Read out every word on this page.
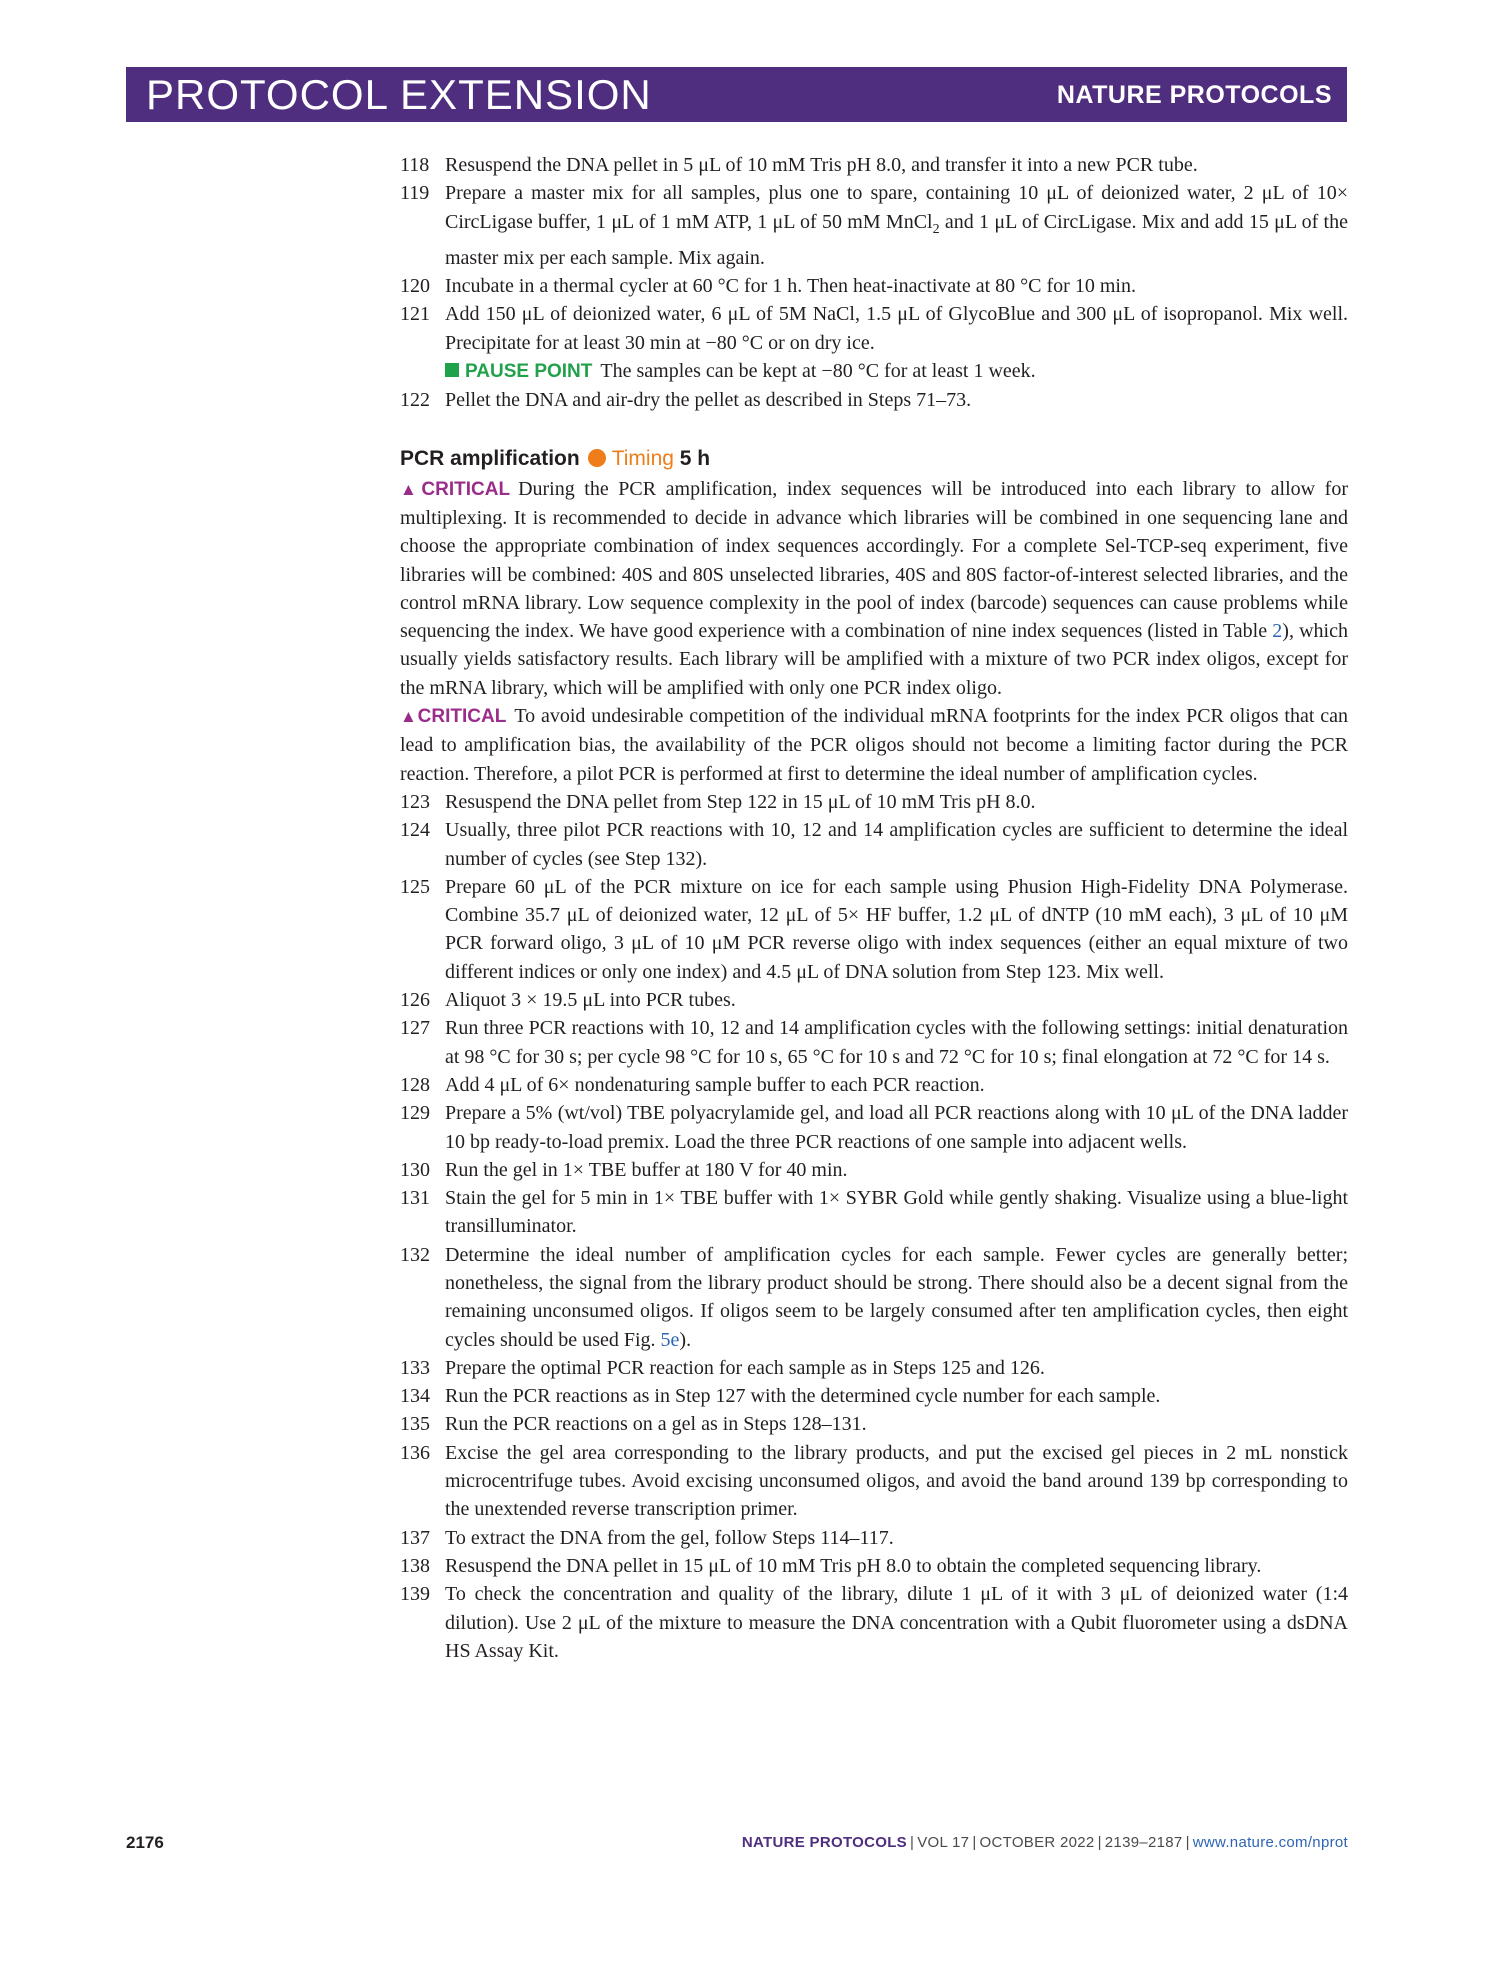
PROTOCOL EXTENSION	NATURE PROTOCOLS
118 Resuspend the DNA pellet in 5 μL of 10 mM Tris pH 8.0, and transfer it into a new PCR tube.
119 Prepare a master mix for all samples, plus one to spare, containing 10 μL of deionized water, 2 μL of 10× CircLigase buffer, 1 μL of 1 mM ATP, 1 μL of 50 mM MnCl$_2$ and 1 μL of CircLigase. Mix and add 15 μL of the master mix per each sample. Mix again.
120 Incubate in a thermal cycler at 60 °C for 1 h. Then heat-inactivate at 80 °C for 10 min.
121 Add 150 μL of deionized water, 6 μL of 5M NaCl, 1.5 μL of GlycoBlue and 300 μL of isopropanol. Mix well. Precipitate for at least 30 min at −80 °C or on dry ice.
PAUSE POINT The samples can be kept at −80 °C for at least 1 week.
122 Pellet the DNA and air-dry the pellet as described in Steps 71–73.
PCR amplification Timing 5 h
▲CRITICAL During the PCR amplification, index sequences will be introduced into each library to allow for multiplexing. It is recommended to decide in advance which libraries will be combined in one sequencing lane and choose the appropriate combination of index sequences accordingly. For a complete Sel-TCP-seq experiment, five libraries will be combined: 40S and 80S unselected libraries, 40S and 80S factor-of-interest selected libraries, and the control mRNA library. Low sequence complexity in the pool of index (barcode) sequences can cause problems while sequencing the index. We have good experience with a combination of nine index sequences (listed in Table 2), which usually yields satisfactory results. Each library will be amplified with a mixture of two PCR index oligos, except for the mRNA library, which will be amplified with only one PCR index oligo.
▲CRITICAL To avoid undesirable competition of the individual mRNA footprints for the index PCR oligos that can lead to amplification bias, the availability of the PCR oligos should not become a limiting factor during the PCR reaction. Therefore, a pilot PCR is performed at first to determine the ideal number of amplification cycles.
123 Resuspend the DNA pellet from Step 122 in 15 μL of 10 mM Tris pH 8.0.
124 Usually, three pilot PCR reactions with 10, 12 and 14 amplification cycles are sufficient to determine the ideal number of cycles (see Step 132).
125 Prepare 60 μL of the PCR mixture on ice for each sample using Phusion High-Fidelity DNA Polymerase. Combine 35.7 μL of deionized water, 12 μL of 5× HF buffer, 1.2 μL of dNTP (10 mM each), 3 μL of 10 μM PCR forward oligo, 3 μL of 10 μM PCR reverse oligo with index sequences (either an equal mixture of two different indices or only one index) and 4.5 μL of DNA solution from Step 123. Mix well.
126 Aliquot 3 × 19.5 μL into PCR tubes.
127 Run three PCR reactions with 10, 12 and 14 amplification cycles with the following settings: initial denaturation at 98 °C for 30 s; per cycle 98 °C for 10 s, 65 °C for 10 s and 72 °C for 10 s; final elongation at 72 °C for 14 s.
128 Add 4 μL of 6× nondenaturing sample buffer to each PCR reaction.
129 Prepare a 5% (wt/vol) TBE polyacrylamide gel, and load all PCR reactions along with 10 μL of the DNA ladder 10 bp ready-to-load premix. Load the three PCR reactions of one sample into adjacent wells.
130 Run the gel in 1× TBE buffer at 180 V for 40 min.
131 Stain the gel for 5 min in 1× TBE buffer with 1× SYBR Gold while gently shaking. Visualize using a blue-light transilluminator.
132 Determine the ideal number of amplification cycles for each sample. Fewer cycles are generally better; nonetheless, the signal from the library product should be strong. There should also be a decent signal from the remaining unconsumed oligos. If oligos seem to be largely consumed after ten amplification cycles, then eight cycles should be used Fig. 5e).
133 Prepare the optimal PCR reaction for each sample as in Steps 125 and 126.
134 Run the PCR reactions as in Step 127 with the determined cycle number for each sample.
135 Run the PCR reactions on a gel as in Steps 128–131.
136 Excise the gel area corresponding to the library products, and put the excised gel pieces in 2 mL nonstick microcentrifuge tubes. Avoid excising unconsumed oligos, and avoid the band around 139 bp corresponding to the unextended reverse transcription primer.
137 To extract the DNA from the gel, follow Steps 114–117.
138 Resuspend the DNA pellet in 15 μL of 10 mM Tris pH 8.0 to obtain the completed sequencing library.
139 To check the concentration and quality of the library, dilute 1 μL of it with 3 μL of deionized water (1:4 dilution). Use 2 μL of the mixture to measure the DNA concentration with a Qubit fluorometer using a dsDNA HS Assay Kit.
2176	NATURE PROTOCOLS | VOL 17 | OCTOBER 2022 | 2139–2187 | www.nature.com/nprot
